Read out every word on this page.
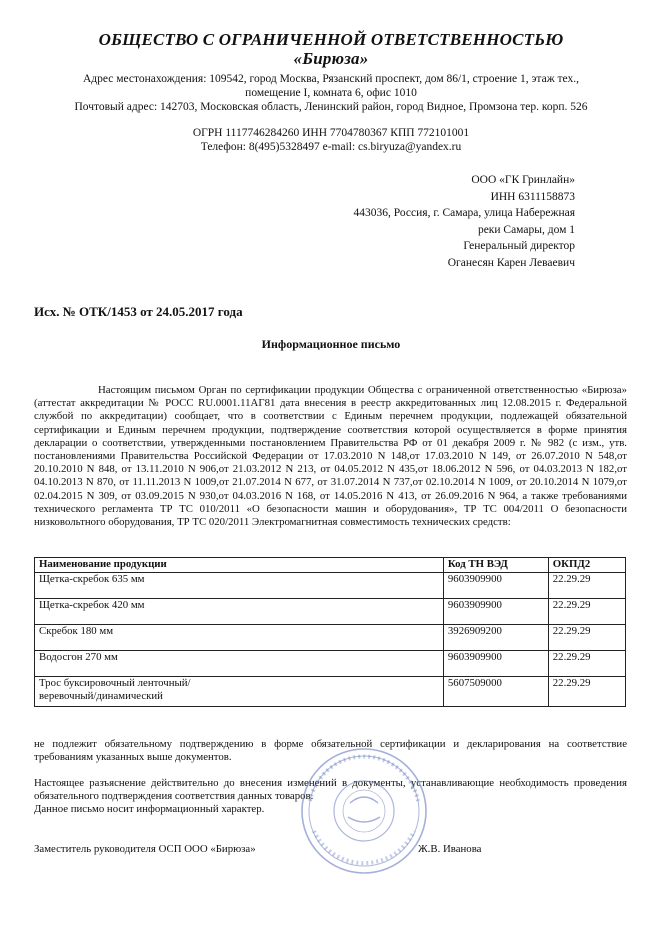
ОБЩЕСТВО С ОГРАНИЧЕННОЙ ОТВЕТСТВЕННОСТЬЮ
«Бирюза»
Адрес местонахождения: 109542, город Москва, Рязанский проспект, дом 86/1, строение 1, этаж тех.,
помещение I, комната 6, офис 1010
Почтовый адрес: 142703, Московская область, Ленинский район, город Видное, Промзона тер. корп. 526
ОГРН 1117746284260 ИНН 7704780367 КПП 772101001
Телефон: 8(495)5328497 e-mail: cs.biryuza@yandex.ru
ООО «ГК Гринлайн»
ИНН 6311158873
443036, Россия, г. Самара, улица Набережная
реки Самары, дом 1
Генеральный директор
Оганесян Карен Леваевич
Исх. № ОТК/1453 от 24.05.2017 года
Информационное письмо
Настоящим письмом Орган по сертификации продукции Общества с ограниченной ответственностью «Бирюза» (аттестат аккредитации № РОСС RU.0001.11АГ81 дата внесения в реестр аккредитованных лиц 12.08.2015 г. Федеральной службой по аккредитации) сообщает, что в соответствии с Единым перечнем продукции, подлежащей обязательной сертификации и Единым перечнем продукции, подтверждение соответствия которой осуществляется в форме принятия декларации о соответствии, утвержденными постановлением Правительства РФ от 01 декабря 2009 г. № 982 (с изм., утв. постановлениями Правительства Российской Федерации от 17.03.2010 N 148,от 17.03.2010 N 149, от 26.07.2010 N 548,от 20.10.2010 N 848, от 13.11.2010 N 906,от 21.03.2012 N 213, от 04.05.2012 N 435,от 18.06.2012 N 596, от 04.03.2013 N 182,от 04.10.2013 N 870, от 11.11.2013 N 1009,от 21.07.2014 N 677, от 31.07.2014 N 737,от 02.10.2014 N 1009, от 20.10.2014 N 1079,от 02.04.2015 N 309, от 03.09.2015 N 930,от 04.03.2016 N 168, от 14.05.2016 N 413, от 26.09.2016 N 964, а также требованиями технического регламента ТР ТС 010/2011 «О безопасности машин и оборудования», ТР ТС 004/2011 О безопасности низковольтного оборудования, ТР ТС 020/2011 Электромагнитная совместимость технических средств:
Наименование продукции	Код ТН ВЭД	ОКПД2
Щетка-скребок 635 мм	9603909900	22.29.29
Щетка-скребок 420 мм	9603909900	22.29.29
Скребок 180 мм	3926909200	22.29.29
Водосгон 270 мм	9603909900	22.29.29
Трос буксировочный ленточный/веревочный/динамический	5607509000	22.29.29
не подлежит обязательному подтверждению в форме обязательной сертификации и декларирования на соответствие требованиям указанных выше документов.
Настоящее разъяснение действительно до внесения изменений в документы, устанавливающие необходимость проведения обязательного подтверждения соответствия данных товаров.
Данное письмо носит информационный характер.
Заместитель руководителя ОСП ООО «Бирюза»	Ж.В. Иванова
